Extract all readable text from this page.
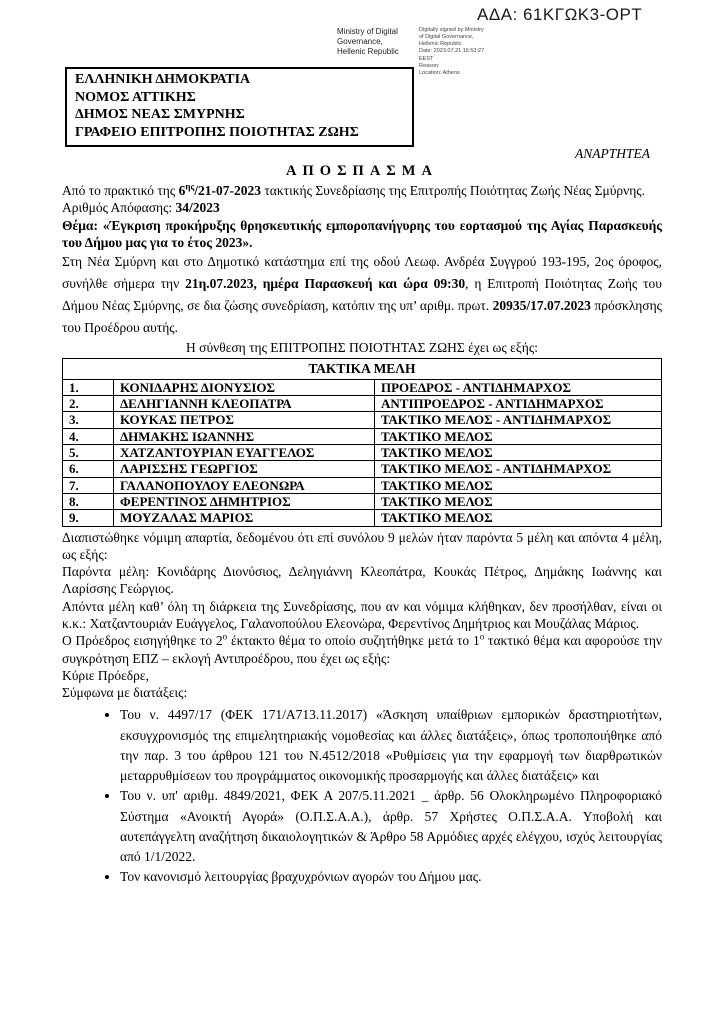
ΑΔΑ: 61ΚΓΩΚ3-ΟΡΤ
Ministry of Digital
Governance,
Hellenic Republic
Digitally signed by Ministry
of Digital Governance,
Hellenic Republic
Date: 2023.07.21 16:53:27
EEST
Reason:
Location: Athens
ΕΛΛΗΝΙΚΗ ΔΗΜΟΚΡΑΤΙΑ
ΝΟΜΟΣ ΑΤΤΙΚΗΣ
ΔΗΜΟΣ ΝΕΑΣ ΣΜΥΡΝΗΣ
ΓΡΑΦΕΙΟ ΕΠΙΤΡΟΠΗΣ ΠΟΙΟΤΗΤΑΣ ΖΩΗΣ
ΑΝΑΡΤΗΤΕΑ
ΑΠΟΣΠΑΣΜΑ

Από το πρακτικό της $6^{\eta\varsigma}/21-07-2023$ τακτικής Συνεδρίασης της Επιτροπής Ποιότητας Ζωής Νέας Σμύρνης.

Αριθμός Απόφασης: 34/2023

Θέμα: «Έγκριση προκήρυξης θρησκευτικής εμποροπανήγυρης του εορτασμού της Αγίας Παρασκευής του Δήμου μας για το έτος 2023».

Στη Νέα Σμύρνη και στο Δημοτικό κατάστημα επί της οδού Λεωφ. Ανδρέα Συγγρού 193-195, 2ος όροφος, συνήλθε σήμερα την 21η.07.2023, ημέρα Παρασκευή και ώρα 09:30, η Επιτροπή Ποιότητας Ζωής του Δήμου Νέας Σμύρνης, σε δια ζώσης συνεδρίαση, κατόπιν της υπ’ αριθμ. πρωτ. 20935/17.07.2023 πρόσκλησης του Προέδρου αυτής.

Η σύνθεση της ΕΠΙΤΡΟΠΗΣ ΠΟΙΟΤΗΤΑΣ ΖΩΗΣ έχει ως εξής:

ΤΑΚΤΙΚΑ ΜΕΛΗ		
1.	ΚΟΝΙΔΑΡΗΣ ΔΙΟΝΥΣΙΟΣ	ΠΡΟΕΔΡΟΣ - ΑΝΤΙΔΗΜΑΡΧΟΣ
2.	ΔΕΛΗΓΙΑΝΝΗ ΚΛΕΟΠΑΤΡΑ	ΑΝΤΙΠΡΟΕΔΡΟΣ - ΑΝΤΙΔΗΜΑΡΧΟΣ
3.	ΚΟΥΚΑΣ ΠΕΤΡΟΣ	ΤΑΚΤΙΚΟ ΜΕΛΟΣ - ΑΝΤΙΔΗΜΑΡΧΟΣ
4.	ΔΗΜΑΚΗΣ ΙΩΑΝΝΗΣ	ΤΑΚΤΙΚΟ ΜΕΛΟΣ
5.	ΧΑΤΖΑΝΤΟΥΡΙΑΝ ΕΥΑΓΓΕΛΟΣ	ΤΑΚΤΙΚΟ ΜΕΛΟΣ
6.	ΛΑΡΙΣΣΗΣ ΓΕΩΡΓΙΟΣ	ΤΑΚΤΙΚΟ ΜΕΛΟΣ - ΑΝΤΙΔΗΜΑΡΧΟΣ
7.	ΓΑΛΑΝΟΠΟΥΛΟΥ ΕΛΕΟΝΩΡΑ	ΤΑΚΤΙΚΟ ΜΕΛΟΣ
8.	ΦΕΡΕΝΤΙΝΟΣ ΔΗΜΗΤΡΙΟΣ	ΤΑΚΤΙΚΟ ΜΕΛΟΣ
9.	ΜΟΥΖΑΛΑΣ ΜΑΡΙΟΣ	ΤΑΚΤΙΚΟ ΜΕΛΟΣ

Διαπιστώθηκε νόμιμη απαρτία, δεδομένου ότι επί συνόλου 9 μελών ήταν παρόντα 5 μέλη και απόντα 4 μέλη, ως εξής:

Παρόντα μέλη: Κονιδάρης Διονύσιος, Δεληγιάννη Κλεοπάτρα, Κουκάς Πέτρος, Δημάκης Ιωάννης και Λαρίσσης Γεώργιος.

Απόντα μέλη καθ’ όλη τη διάρκεια της Συνεδρίασης, που αν και νόμιμα κλήθηκαν, δεν προσήλθαν, είναι οι κ.κ.: Χατζαντουριάν Ευάγγελος, Γαλανοπούλου Ελεονώρα, Φερεντίνος Δημήτριος και Μουζάλας Μάριος.

Ο Πρόεδρος εισηγήθηκε το $2^o$ έκτακτο θέμα το οποίο συζητήθηκε μετά το $1^o$ τακτικό θέμα και αφορούσε την συγκρότηση ΕΠΖ – εκλογή Αντιπροέδρου, που έχει ως εξής:

Κύριε Πρόεδρε,

Σύμφωνα με διατάξεις:

• Του ν. 4497/17 (ΦΕΚ 171/Α713.11.2017) «Άσκηση υπαίθριων εμπορικών δραστηριοτήτων, εκσυγχρονισμός της επιμελητηριακής νομοθεσίας και άλλες διατάξεις», όπως τροποποιήθηκε από την παρ. 3 του άρθρου 121 του Ν.4512/2018 «Ρυθμίσεις για την εφαρμογή των διαρθρωτικών μεταρρυθμίσεων του προγράμματος οικονομικής προσαρμογής και άλλες διατάξεις» και
• Του ν. υπ' αριθμ. 4849/2021, ΦΕΚ Α 207/5.11.2021 _ άρθρ. 56 Ολοκληρωμένο Πληροφοριακό Σύστημα «Ανοικτή Αγορά» (Ο.Π.Σ.Α.Α.), άρθρ. 57 Χρήστες Ο.Π.Σ.Α.Α. Υποβολή και αυτεπάγγελτη αναζήτηση δικαιολογητικών & Άρθρο 58 Αρμόδιες αρχές ελέγχου, ισχύς λειτουργίας από 1/1/2022.
• Τον κανονισμό λειτουργίας βραχυχρόνιων αγορών του Δήμου μας.
